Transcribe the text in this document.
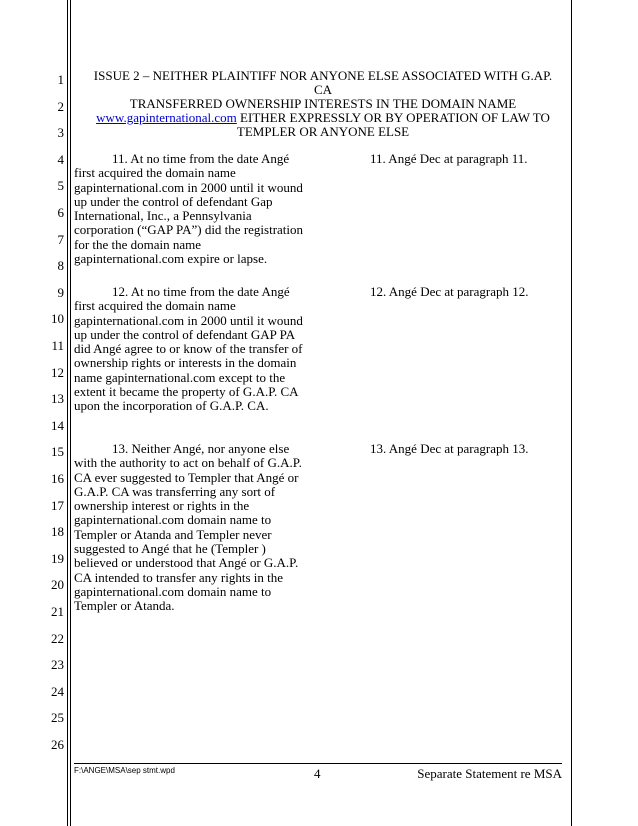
1
2
3
4
5
6
7
8
9
10
11
12
13
14
15
16
17
18
19
20
21
22
23
24
25
26
ISSUE 2 – NEITHER PLAINTIFF NOR ANYONE ELSE ASSOCIATED WITH G.AP. CA
TRANSFERRED OWNERSHIP INTERESTS IN THE DOMAIN NAME
www.gapinternational.com EITHER EXPRESSLY OR BY OPERATION OF LAW TO
TEMPLER OR ANYONE ELSE
11. At no time from the date Angé first acquired the domain name gapinternational.com in 2000 until it wound up under the control of defendant Gap International, Inc., a Pennsylvania corporation (“GAP PA”) did the registration for the the domain name gapinternational.com expire or lapse.
11. Angé Dec at paragraph 11.
12. At no time from the date Angé first acquired the domain name gapinternational.com in 2000 until it wound up under the control of defendant GAP PA did Angé agree to or know of the transfer of ownership rights or interests in the domain name gapinternational.com except to the extent it became the property of G.A.P. CA upon the incorporation of G.A.P. CA.
12. Angé Dec at paragraph 12.
13. Neither Angé, nor anyone else with the authority to act on behalf of G.A.P. CA ever suggested to Templer that Angé or G.A.P. CA was transferring any sort of ownership interest or rights in the gapinternational.com domain name to Templer or Atanda and Templer never suggested to Angé that he (Templer ) believed or understood that Angé or G.A.P. CA intended to transfer any rights in the gapinternational.com domain name to Templer or Atanda.
13. Angé Dec at paragraph 13.
F:\ANGE\MSA\sep stmt.wpd	4	Separate Statement re MSA
